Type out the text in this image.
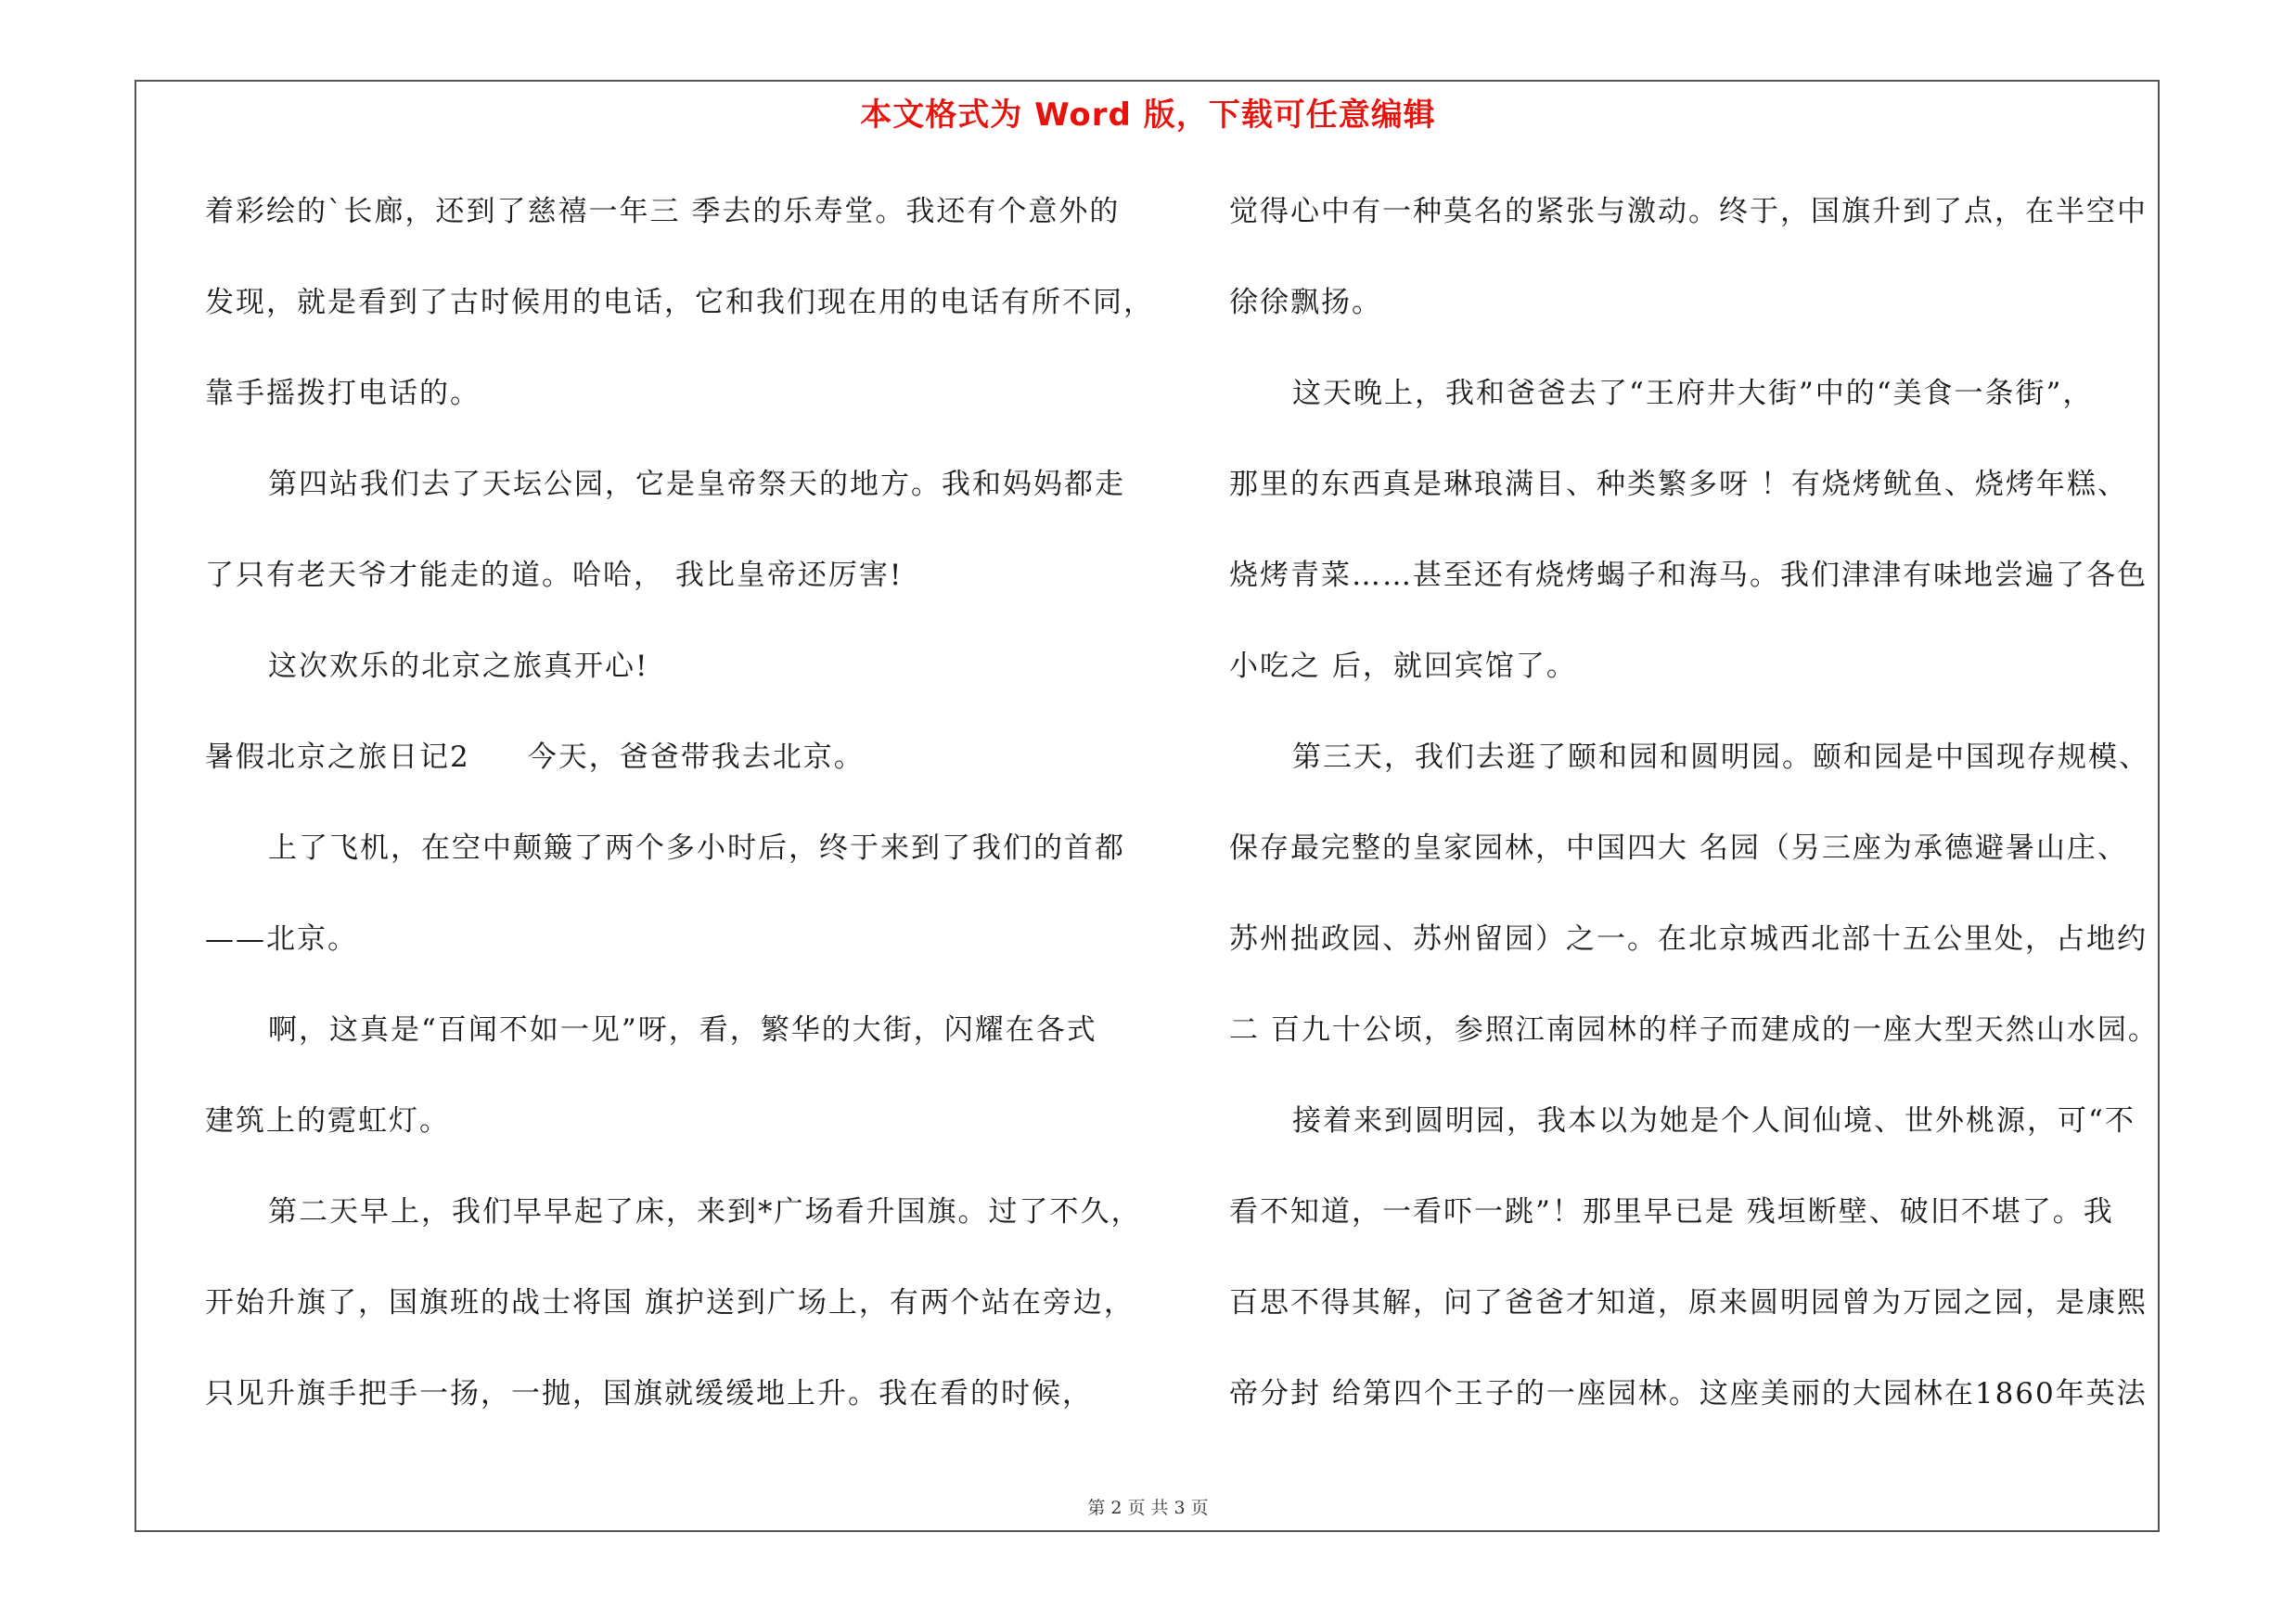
本文格式为 Word 版，下载可任意编辑

着彩绘的`长廊，还到了慈禧一年三 季去的乐寿堂。我还有个意外的

发现，就是看到了古时候用的电话，它和我们现在用的电话有所不同，

靠手摇拨打电话的。

第四站我们去了天坛公园，它是皇帝祭天的地方。我和妈妈都走

了只有老天爷才能走的道。哈哈， 我比皇帝还厉害!

这次欢乐的北京之旅真开心!

暑假北京之旅日记2 今天，爸爸带我去北京。

上了飞机，在空中颠簸了两个多小时后，终于来到了我们的首都

——北京。

啊，这真是“百闻不如一见”呀，看，繁华的大街，闪耀在各式

建筑上的霓虹灯。

第二天早上，我们早早起了床，来到*广场看升国旗。过了不久，

开始升旗了，国旗班的战士将国 旗护送到广场上，有两个站在旁边，

只见升旗手把手一扬，一抛，国旗就缓缓地上升。我在看的时候，

觉得心中有一种莫名的紧张与激动。终于，国旗升到了点，在半空中

徐徐飘扬。

这天晚上，我和爸爸去了“王府井大街”中的“美食一条街”，

那里的东西真是琳琅满目、种类繁多呀 ！有烧烤鱿鱼、烧烤年糕、

烧烤青菜……甚至还有烧烤蝎子和海马。我们津津有味地尝遍了各色

小吃之 后，就回宾馆了。

第三天，我们去逛了颐和园和圆明园。颐和园是中国现存规模、

保存最完整的皇家园林，中国四大 名园（另三座为承德避暑山庄、

苏州拙政园、苏州留园）之一。在北京城西北部十五公里处，占地约

二 百九十公顷，参照江南园林的样子而建成的一座大型天然山水园。

接着来到圆明园，我本以为她是个人间仙境、世外桃源，可“不

看不知道，一看吓一跳”！那里早已是 残垣断壁、破旧不堪了。我

百思不得其解，问了爸爸才知道，原来圆明园曾为万园之园，是康熙

帝分封 给第四个王子的一座园林。这座美丽的大园林在1860年英法

第 2 页 共 3 页
